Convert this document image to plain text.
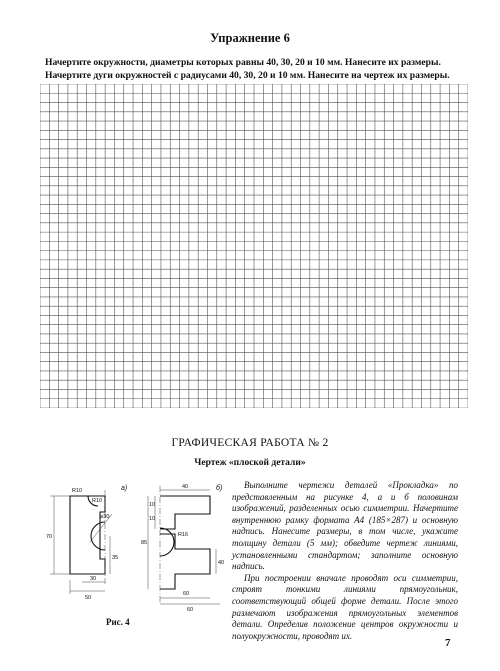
Упражнение 6
Начертите окружности, диаметры которых равны 40, 30, 20 и 10 мм. Нанесите их размеры.
Начертите дуги окружностей с радиусами 40, 30, 20 и 10 мм. Нанесите на чертеж их размеры.
ГРАФИЧЕСКАЯ РАБОТА № 2
Чертеж «плоской детали»
а)
R10
R10
⌀30
70
35
30
50
б)
40
10
10
85
R16
60
40
60
Рис. 4

Выполните чертежи деталей «Прокладка» по представленным на рисунке 4, а и б половинам изображений, разделенных осью симметрии. Начертите внутреннюю рамку формата А4 (185×287) и основную надпись. Нанесите размеры, в том числе, укажите толщину детали (5 мм); обведите чертеж линиями, установленными стандартом; заполните основную надпись.

При построении вначале проводят оси симметрии, строят тонкими линиями прямоугольник, соответствующий общей форме детали. После этого размечают изображения прямоугольных элементов детали. Определив положение центров окружности и полуокружности, проводят их.

7
